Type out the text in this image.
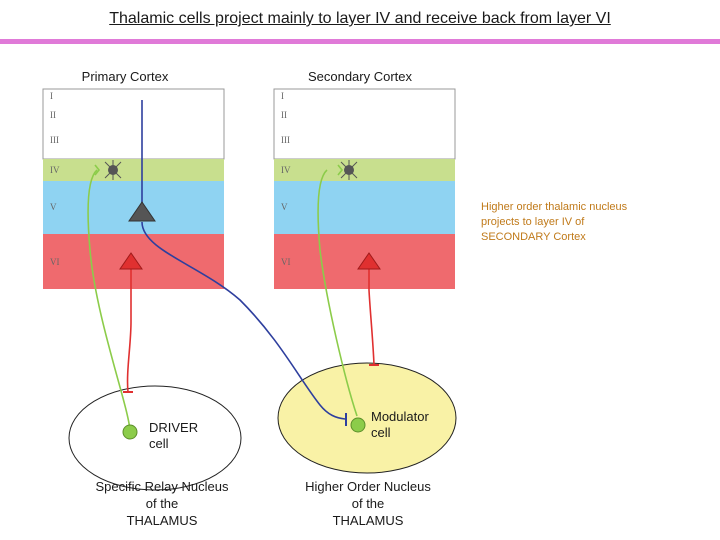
Thalamic cells project mainly to layer IV and receive back from layer VI
I
II
III
IV
V
VI
I
II
III
IV
V
VI
Primary Cortex	Secondary Cortex
Higher order thalamic nucleus
projects to layer IV of
SECONDARY Cortex
DRIVER
cell
Modulator
cell
Specific Relay Nucleus
of the
THALAMUS
Higher Order Nucleus
of the
THALAMUS
